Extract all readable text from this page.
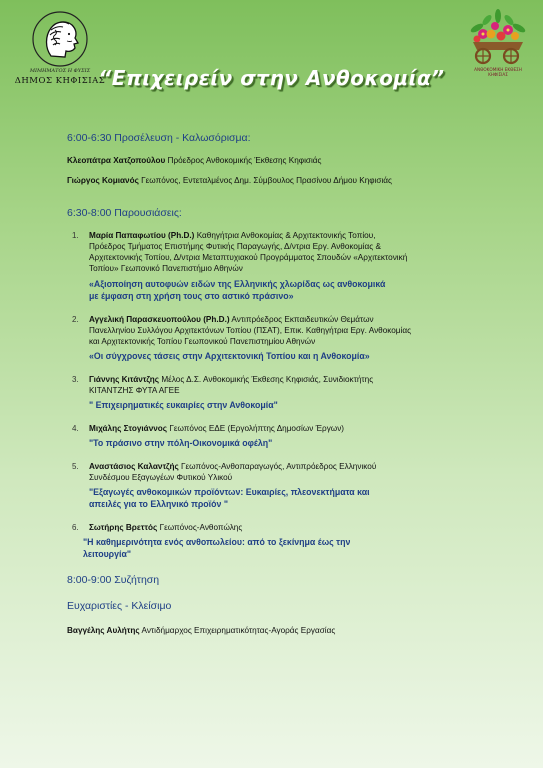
ΜΙΜΗΜΑΤΟΣ Η ΦΥΣΙΣ
ΔΗΜΟΣ ΚΗΦΙΣΙΑΣ
ΑΝΘΟΚΟΜΙΚΗ ΕΚΘΕΣΗ
ΚΗΦΙΣΙΑΣ
“Επιχειρείν στην Ανθοκομία”
6:00-6:30 Προσέλευση - Καλωσόρισμα:
Κλεοπάτρα Χατζοπούλου Πρόεδρος Ανθοκομικής Έκθεσης Κηφισιάς
Γιώργος Κομιανός Γεωπόνος, Εντεταλμένος Δημ. Σύμβουλος Πρασίνου Δήμου Κηφισιάς
6:30-8:00 Παρουσιάσεις:
1. Μαρία Παπαφωτίου (Ph.D.) Καθηγήτρια Ανθοκομίας & Αρχιτεκτονικής Τοπίου,
Πρόεδρος Τμήματος Επιστήμης Φυτικής Παραγωγής, Δ/ντρια Εργ. Ανθοκομίας &
Αρχιτεκτονικής Τοπίου, Δ/ντρια Μεταπτυχιακού Προγράμματος Σπουδών «Αρχιτεκτονική
Τοπίου» Γεωπονικό Πανεπιστήμιο Αθηνών
«Αξιοποίηση αυτοφυών ειδών της Ελληνικής χλωρίδας ως ανθοκομικά
με έμφαση στη χρήση τους στο αστικό πράσινο»
2. Αγγελική Παρασκευοπούλου (Ph.D.) Αντιπρόεδρος Εκπαιδευτικών Θεμάτων
Πανελληνίου Συλλόγου Αρχιτεκτόνων Τοπίου (ΠΣΑΤ), Επικ. Καθηγήτρια Εργ. Ανθοκομίας
και Αρχιτεκτονικής Τοπίου Γεωπονικού Πανεπιστημίου Αθηνών
«Οι σύγχρονες τάσεις στην Αρχιτεκτονική Τοπίου και η Ανθοκομία»
3. Γιάννης Κιτάντζης Μέλος Δ.Σ. Ανθοκομικής Έκθεσης Κηφισιάς, Συνιδιοκτήτης
ΚΙΤΑΝΤΖΗΣ ΦΥΤΑ ΑΓΕΕ
" Επιχειρηματικές ευκαιρίες στην Ανθοκομία"
4. Μιχάλης Στογιάννος Γεωπόνος ΕΔΕ (Εργολήπτης Δημοσίων Έργων)
"Το πράσινο στην πόλη-Οικονομικά οφέλη"
5. Αναστάσιος Καλαντζής Γεωπόνος-Ανθοπαραγωγός, Αντιπρόεδρος Ελληνικού
Συνδέσμου Εξαγωγέων Φυτικού Υλικού
"Εξαγωγές ανθοκομικών προϊόντων: Ευκαιρίες, πλεονεκτήματα και
απειλές για το Ελληνικό προϊόν "
6. Σωτήρης Βρεττός Γεωπόνος-Ανθοπώλης
"Η καθημερινότητα ενός ανθοπωλείου: από το ξεκίνημα έως την
λειτουργία"
8:00-9:00 Συζήτηση
Ευχαριστίες - Κλείσιμο
Βαγγέλης Αυλήτης Αντιδήμαρχος Επιχειρηματικότητας-Αγοράς Εργασίας
